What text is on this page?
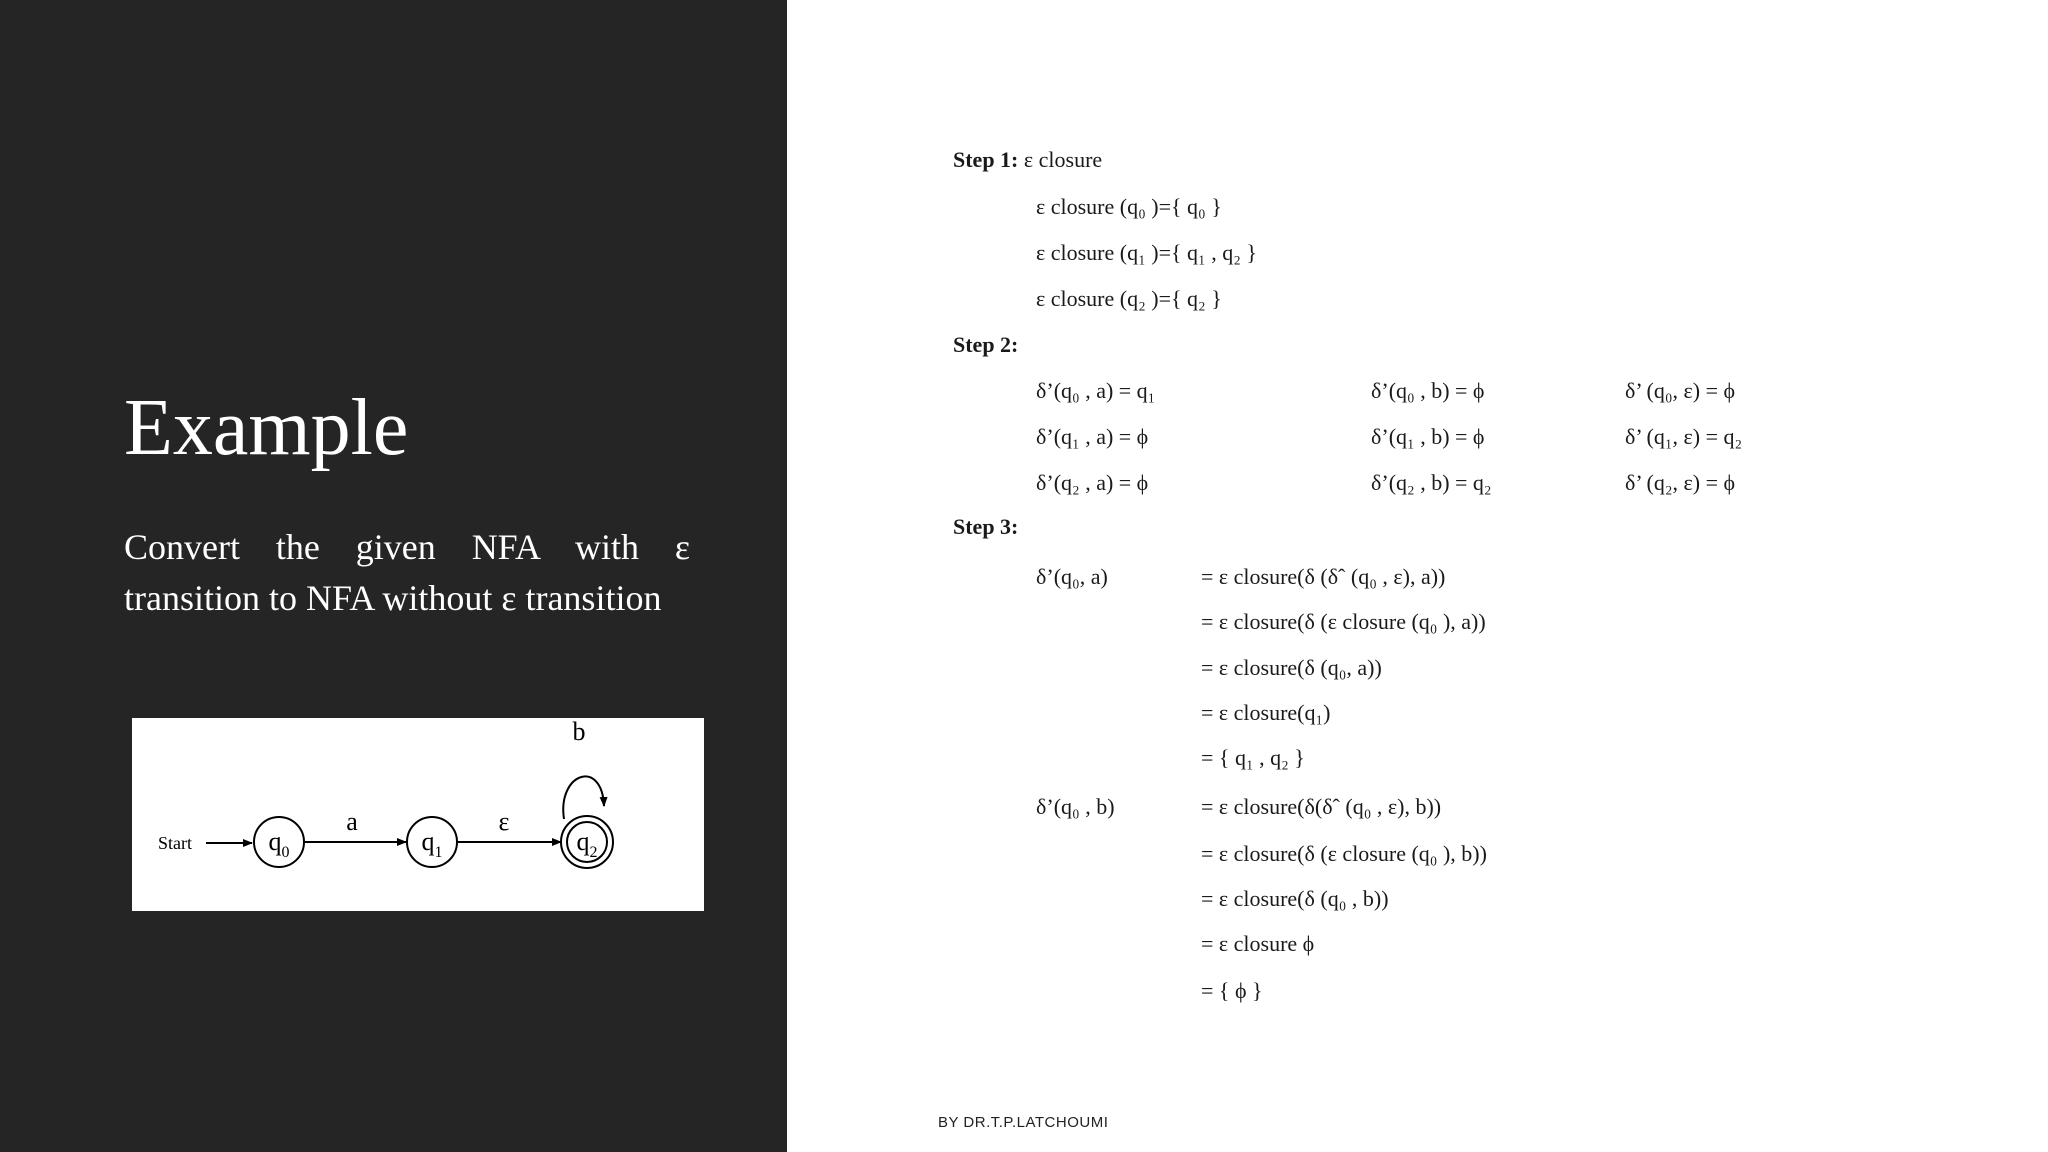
Example
Convert the given NFA with ε transition to NFA without ε transition
Start	$q_0$
a
$q_1$
ε
$q_2$
b
Step 1: ε closure
ε closure (q₀ )={ q₀ }
ε closure (q₁ )={ q₁ , q₂ }
ε closure (q₂ )={ q₂ }
Step 2:
δ’(q₀ , a) = q₁	δ’(q₀ , b) = ϕ	δ’ (q₀, ε) = ϕ
δ’(q₁ , a) = ϕ	δ’(q₁ , b) = ϕ	δ’ (q₁, ε) = q₂
δ’(q₂ , a) = ϕ	δ’(q₂ , b) = q₂	δ’ (q₂, ε) = ϕ
Step 3:
δ’(q₀, a)	= ε closure(δ (δˆ (q₀ , ε), a))
= ε closure(δ (ε closure (q₀ ), a))
= ε closure(δ (q₀, a))
= ε closure(q₁)
= { q₁ , q₂ }
δ’(q₀ , b)	= ε closure(δ(δˆ (q₀ , ε), b))
= ε closure(δ (ε closure (q₀ ), b))
= ε closure(δ (q₀ , b))
= ε closure ϕ
= { ϕ }
BY DR.T.P.LATCHOUMI
